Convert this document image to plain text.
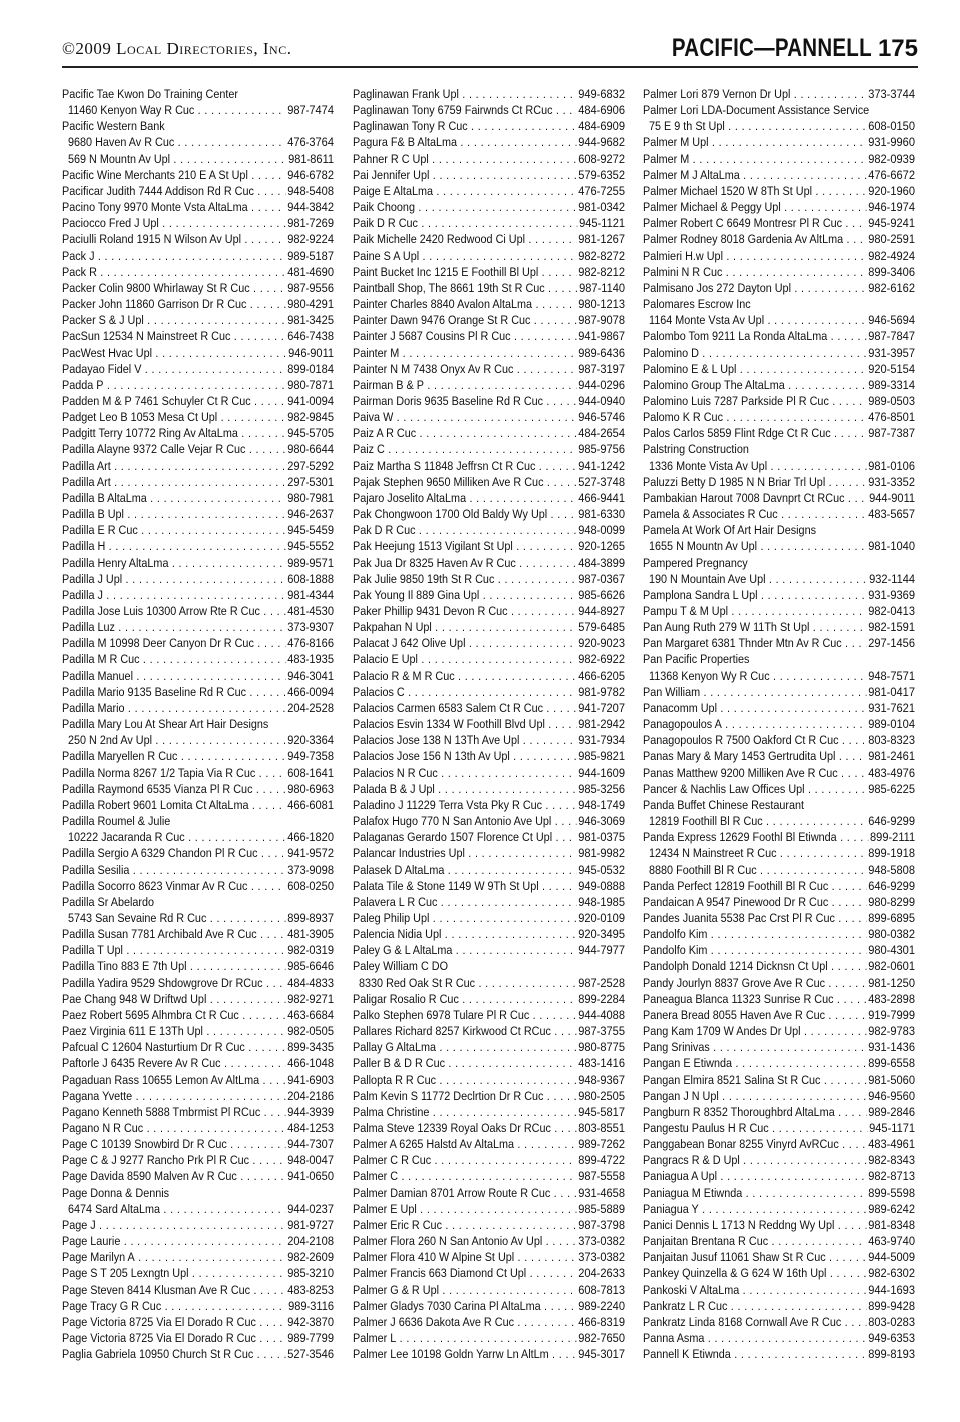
©2009 Local Directories, Inc.	PACIFIC—PANNELL 175
Pacific Tae Kwon Do Training Center
11460 Kenyon Way R Cuc . . .	987-7474
Pacific Western Bank
9680 Haven Av R Cuc . . .	476-3764
569 N Mountn Av Upl . . .	981-8611
Pacific Wine Merchants 210 E A St Upl . . .	946-6782
Pacificar Judith 7444 Addison Rd R Cuc . . .	948-5408
Pacino Tony 9970 Monte Vsta AltaLma . . .	944-3842
Paciocco Fred J Upl . . .	981-7269
Paciulli Roland 1915 N Wilson Av Upl . . .	982-9224
Pack J . . .	989-5187
Pack R . . .	481-4690
Packer Colin 9800 Whirlaway St R Cuc . . .	987-9556
Packer John 11860 Garrison Dr R Cuc . . .	980-4291
Packer S & J Upl . . .	981-3425
PacSun 12534 N Mainstreet R Cuc . . .	646-7438
PacWest Hvac Upl . . .	946-9011
Padayao Fidel V . . .	899-0184
Padda P . . .	980-7871
Padden M & P 7461 Schuyler Ct R Cuc . . .	941-0094
Padget Leo B 1053 Mesa Ct Upl . . .	982-9845
Padgitt Terry 10772 Ring Av AltaLma . . .	945-5705
Padilla Alayne 9372 Calle Vejar R Cuc . . .	980-6644
Padilla Art . . .	297-5292
Padilla Art . . .	297-5301
Padilla B AltaLma . . .	980-7981
Padilla B Upl . . .	946-2637
Padilla E R Cuc . . .	945-5459
Padilla H . . .	945-5552
Padilla Henry AltaLma . . .	989-9571
Padilla J Upl . . .	608-1888
Padilla J . . .	981-4344
Padilla Jose Luis 10300 Arrow Rte R Cuc . . .	481-4530
Padilla Luz . . .	373-9307
Padilla M 10998 Deer Canyon Dr R Cuc . . .	476-8166
Padilla M R Cuc . . .	483-1935
Padilla Manuel . . .	946-3041
Padilla Mario 9135 Baseline Rd R Cuc . . .	466-0094
Padilla Mario . . .	204-2528
Padilla Mary Lou At Shear Art Hair Designs
250 N 2nd Av Upl . . .	920-3364
Padilla Maryellen R Cuc . . .	949-7358
Padilla Norma 8267 1/2 Tapia Via R Cuc . . .	608-1641
Padilla Raymond 6535 Vianza Pl R Cuc . . .	980-6963
Padilla Robert 9601 Lomita Ct AltaLma . . .	466-6081
Padilla Roumel & Julie
10222 Jacaranda R Cuc . . .	466-1820
Padilla Sergio A 6329 Chandon Pl R Cuc . . .	941-9572
Padilla Sesilia . . .	373-9098
Padilla Socorro 8623 Vinmar Av R Cuc . . .	608-0250
Padilla Sr Abelardo
5743 San Sevaine Rd R Cuc . . .	899-8937
Padilla Susan 7781 Archibald Ave R Cuc . . .	481-3905
Padilla T Upl . . .	982-0319
Padilla Tino 883 E 7th Upl . . .	985-6646
Padilla Yadira 9529 Shdowgrove Dr RCuc . . .	484-4833
Pae Chang 948 W Driftwd Upl . . .	982-9271
Paez Robert 5695 Alhmbra Ct R Cuc . . .	463-6684
Paez Virginia 611 E 13Th Upl . . .	982-0505
Pafcual C 12604 Nasturtium Dr R Cuc . . .	899-3435
Paftorle J 6435 Revere Av R Cuc . . .	466-1048
Pagaduan Rass 10655 Lemon Av AltLma . . .	941-6903
Pagana Yvette . . .	204-2186
Pagano Kenneth 5888 Tmbrmist Pl RCuc . . .	944-3939
Pagano N R Cuc . . .	484-1253
Page C 10139 Snowbird Dr R Cuc . . .	944-7307
Page C & J 9277 Rancho Prk Pl R Cuc . . .	948-0047
Page Davida 8590 Malven Av R Cuc . . .	941-0650
Page Donna & Dennis
6474 Sard AltaLma . . .	944-0237
Page J . . .	981-9727
Page Laurie . . .	204-2108
Page Marilyn A . . .	982-2609
Page S T 205 Lexngtn Upl . . .	985-3210
Page Steven 8414 Klusman Ave R Cuc . . .	483-8253
Page Tracy G R Cuc . . .	989-3116
Page Victoria 8725 Via El Dorado R Cuc . . .	942-3870
Page Victoria 8725 Via El Dorado R Cuc . . .	989-7799
Paglia Gabriela 10950 Church St R Cuc . . .	527-3546
Paglinawan Frank Upl . . .	949-6832
Paglinawan Tony 6759 Fairwnds Ct RCuc . . .	484-6906
Paglinawan Tony R Cuc . . .	484-6909
Pagura F& B AltaLma . . .	944-9682
Pahner R C Upl . . .	608-9272
Pai Jennifer Upl . . .	579-6352
Paige E AltaLma . . .	476-7255
Paik Choong . . .	981-0342
Paik D R Cuc . . .	945-1121
Paik Michelle 2420 Redwood Ci Upl . . .	981-1267
Paine S A Upl . . .	982-8272
Paint Bucket Inc 1215 E Foothill Bl Upl . . .	982-8212
Paintball Shop, The 8661 19th St R Cuc . . .	987-1140
Painter Charles 8840 Avalon AltaLma . . .	980-1213
Painter Dawn 9476 Orange St R Cuc . . .	987-9078
Painter J 5687 Cousins Pl R Cuc . . .	941-9867
Painter M . . .	989-6436
Painter N M 7438 Onyx Av R Cuc . . .	987-3197
Pairman B & P . . .	944-0296
Pairman Doris 9635 Baseline Rd R Cuc . . .	944-0940
Paiva W . . .	946-5746
Paiz A R Cuc . . .	484-2654
Paiz C . . .	985-9756
Paiz Martha S 11848 Jeffrsn Ct R Cuc . . .	941-1242
Pajak Stephen 9650 Milliken Ave R Cuc . . .	527-3748
Pajaro Joselito AltaLma . . .	466-9441
Pak Chongwoon 1700 Old Baldy Wy Upl . . .	981-6330
Pak D R Cuc . . .	948-0099
Pak Heejung 1513 Vigilant St Upl . . .	920-1265
Pak Jua Dr 8325 Haven Av R Cuc . . .	484-3899
Pak Julie 9850 19th St R Cuc . . .	987-0367
Pak Young Il 889 Gina Upl . . .	985-6626
Paker Phillip 9431 Devon R Cuc . . .	944-8927
Pakpahan N Upl . . .	579-6485
Palacat J 642 Olive Upl . . .	920-9023
Palacio E Upl . . .	982-6922
Palacio R & M R Cuc . . .	466-6205
Palacios C . . .	981-9782
Palacios Carmen 6583 Salem Ct R Cuc . . .	941-7207
Palacios Esvin 1334 W Foothill Blvd Upl . . .	981-2942
Palacios Jose 138 N 13Th Ave Upl . . .	931-7934
Palacios Jose 156 N 13th Av Upl . . .	985-9821
Palacios N R Cuc . . .	944-1609
Palada B & J Upl . . .	985-3256
Paladino J 11229 Terra Vsta Pky R Cuc . . .	948-1749
Palafox Hugo 770 N San Antonio Ave Upl . . .	946-3069
Palaganas Gerardo 1507 Florence Ct Upl . . .	981-0375
Palancar Industries Upl . . .	981-9982
Palasek D AltaLma . . .	945-0532
Palata Tile & Stone 1149 W 9Th St Upl . . .	949-0888
Palavera L R Cuc . . .	948-1985
Paleg Philip Upl . . .	920-0109
Palencia Nidia Upl . . .	920-3495
Paley G & L AltaLma . . .	944-7977
Paley William C DO
8330 Red Oak St R Cuc . . .	987-2528
Paligar Rosalio R Cuc . . .	899-2284
Palko Stephen 6978 Tulare Pl R Cuc . . .	944-4088
Pallares Richard 8257 Kirkwood Ct RCuc . . .	987-3755
Pallay G AltaLma . . .	980-8775
Paller B & D R Cuc . . .	483-1416
Pallopta R R Cuc . . .	948-9367
Palm Kevin S 11772 Declrtion Dr R Cuc . . .	980-2505
Palma Christine . . .	945-5817
Palma Steve 12339 Royal Oaks Dr RCuc . . .	803-8551
Palmer A 6265 Halstd Av AltaLma . . .	989-7262
Palmer C R Cuc . . .	899-4722
Palmer C . . .	987-5558
Palmer Damian 8701 Arrow Route R Cuc . . .	931-4658
Palmer E Upl . . .	985-5889
Palmer Eric R Cuc . . .	987-3798
Palmer Flora 260 N San Antonio Av Upl . . .	373-0382
Palmer Flora 410 W Alpine St Upl . . .	373-0382
Palmer Francis 663 Diamond Ct Upl . . .	204-2633
Palmer G & R Upl . . .	608-7813
Palmer Gladys 7030 Carina Pl AltaLma . . .	989-2240
Palmer J 6636 Dakota Ave R Cuc . . .	466-8319
Palmer L . . .	982-7650
Palmer Lee 10198 Goldn Yarrw Ln AltLm . . .	945-3017
Palmer Lori 879 Vernon Dr Upl . . .	373-3744
Palmer Lori LDA-Document Assistance Service
75 E 9 th St Upl . . .	608-0150
Palmer M Upl . . .	931-9960
Palmer M . . .	982-0939
Palmer M J AltaLma . . .	476-6672
Palmer Michael 1520 W 8Th St Upl . . .	920-1960
Palmer Michael & Peggy Upl . . .	946-1974
Palmer Robert C 6649 Montresr Pl R Cuc . . .	945-9241
Palmer Rodney 8018 Gardenia Av AltLma . . .	980-2591
Palmieri H.w Upl . . .	982-4924
Palmini N R Cuc . . .	899-3406
Palmisano Jos 272 Dayton Upl . . .	982-6162
Palomares Escrow Inc
1164 Monte Vsta Av Upl . . .	946-5694
Palombo Tom 9211 La Ronda AltaLma . . .	987-7847
Palomino D . . .	931-3957
Palomino E & L Upl . . .	920-5154
Palomino Group The AltaLma . . .	989-3314
Palomino Luis 7287 Parkside Pl R Cuc . . .	989-0503
Palomo K R Cuc . . .	476-8501
Palos Carlos 5859 Flint Rdge Ct R Cuc . . .	987-7387
Palstring Construction
1336 Monte Vista Av Upl . . .	981-0106
Paluzzi Betty D 1985 N N Briar Trl Upl . . .	931-3352
Pambakian Harout 7008 Davnprt Ct RCuc . . .	944-9011
Pamela & Associates R Cuc . . .	483-5657
Pamela At Work Of Art Hair Designs
1655 N Mountn Av Upl . . .	981-1040
Pampered Pregnancy
190 N Mountain Ave Upl . . .	932-1144
Pamplona Sandra L Upl . . .	931-9369
Pampu T & M Upl . . .	982-0413
Pan Aung Ruth 279 W 11Th St Upl . . .	982-1591
Pan Margaret 6381 Thnder Mtn Av R Cuc . . .	297-1456
Pan Pacific Properties
11368 Kenyon Wy R Cuc . . .	948-7571
Pan William . . .	981-0417
Panacomm Upl . . .	931-7621
Panagopoulos A . . .	989-0104
Panagopoulos R 7500 Oakford Ct R Cuc . . .	803-8323
Panas Mary & Mary 1453 Gertrudita Upl . . .	981-2461
Panas Matthew 9200 Milliken Ave R Cuc . . .	483-4976
Pancer & Nachlis Law Offices Upl . . .	985-6225
Panda Buffet Chinese Restaurant
12819 Foothill Bl R Cuc . . .	646-9299
Panda Express 12629 Foothl Bl Etiwnda . . .	899-2111
12434 N Mainstreet R Cuc . . .	899-1918
8880 Foothill Bl R Cuc . . .	948-5808
Panda Perfect 12819 Foothill Bl R Cuc . . .	646-9299
Pandaican A 9547 Pinewood Dr R Cuc . . .	980-8299
Pandes Juanita 5538 Pac Crst Pl R Cuc . . .	899-6895
Pandolfo Kim . . .	980-0382
Pandolfo Kim . . .	980-4301
Pandolph Donald 1214 Dicknsn Ct Upl . . .	982-0601
Pandy Jourlyn 8837 Grove Ave R Cuc . . .	981-1250
Paneagua Blanca 11323 Sunrise R Cuc . . .	483-2898
Panera Bread 8055 Haven Ave R Cuc . . .	919-7999
Pang Kam 1709 W Andes Dr Upl . . .	982-9783
Pang Srinivas . . .	931-1436
Pangan E Etiwnda . . .	899-6558
Pangan Elmira 8521 Salina St R Cuc . . .	981-5060
Pangan J N Upl . . .	946-9560
Pangburn R 8352 Thoroughbrd AltaLma . . .	989-2846
Pangestu Paulus H R Cuc . . .	945-1171
Panggabean Bonar 8255 Vinyrd AvRCuc . . .	483-4961
Pangracs R & D Upl . . .	982-8343
Paniagua A Upl . . .	982-8713
Paniagua M Etiwnda . . .	899-5598
Paniagua Y . . .	989-6242
Panici Dennis L 1713 N Reddng Wy Upl . . .	981-8348
Panjaitan Brentana R Cuc . . .	463-9740
Panjaitan Jusuf 11061 Shaw St R Cuc . . .	944-5009
Pankey Quinzella & G 624 W 16th Upl . . .	982-6302
Pankoski V AltaLma . . .	944-1693
Pankratz L R Cuc . . .	899-9428
Pankratz Linda 8168 Cornwall Ave R Cuc . . .	803-0283
Panna Asma . . .	949-6353
Pannell K Etiwnda . . .	899-8193
